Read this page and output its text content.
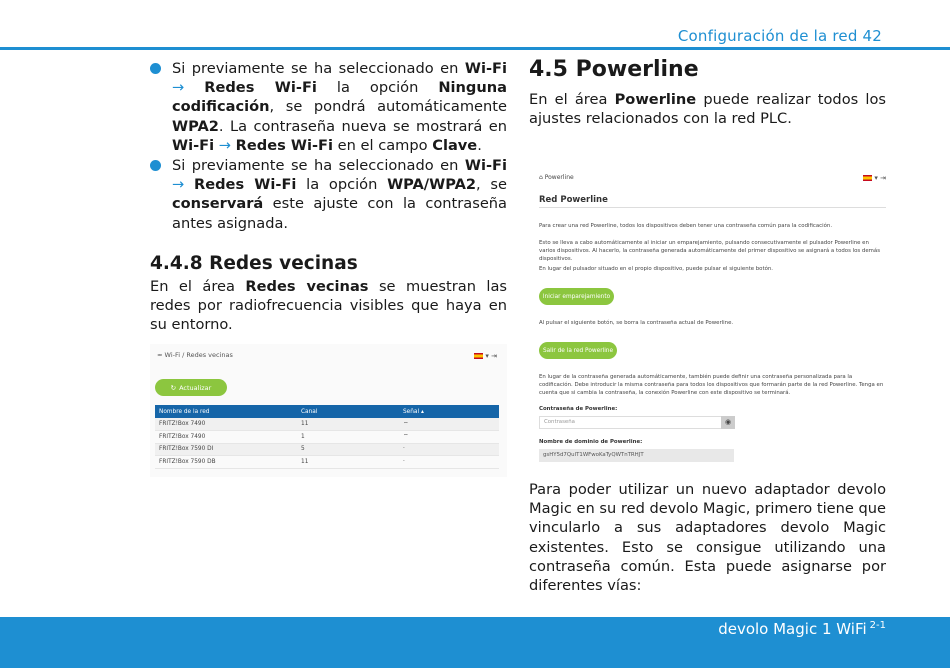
Configuración de la red 42
Si previamente se ha seleccionado en Wi-Fi → Redes Wi-Fi la opción Ninguna codificación, se pondrá automáticamente WPA2. La contraseña nueva se mostrará en Wi-Fi → Redes Wi-Fi en el campo Clave.
Si previamente se ha seleccionado en Wi-Fi → Redes Wi-Fi la opción WPA/WPA2, se conservará este ajuste con la contraseña antes asignada.
4.4.8 Redes vecinas

En el área Redes vecinas se muestran las redes por radiofrecuencia visibles que haya en su entorno.

≈ Wi-Fi / Redes vecinas	▾ ⇥
↻ Actualizar
Nombre de la red	Canal	Señal ▴
FRITZ!Box 7490	11	⌔
FRITZ!Box 7490	1	⌔
FRITZ!Box 7590 DI	5	·
FRITZ!Box 7590 DB	11	·
4.5 Powerline

En el área Powerline puede realizar todos los ajustes relacionados con la red PLC.

⌂ Powerline	▾ ⇥
Red Powerline
Para crear una red Powerline, todos los dispositivos deben tener una contraseña común para la codificación.
Esto se lleva a cabo automáticamente al iniciar un emparejamiento, pulsando consecutivamente el pulsador Powerline en varios dispositivos. Al hacerlo, la contraseña generada automáticamente del primer dispositivo se asignará a todos los demás dispositivos.
En lugar del pulsador situado en el propio dispositivo, puede pulsar el siguiente botón.
Iniciar emparejamiento
Al pulsar el siguiente botón, se borra la contraseña actual de Powerline.
Salir de la red Powerline
En lugar de la contraseña generada automáticamente, también puede definir una contraseña personalizada para la codificación. Debe introducir la misma contraseña para todos los dispositivos que formarán parte de la red Powerline. Tenga en cuenta que si cambia la contraseña, la conexión Powerline con este dispositivo se terminará.
Contraseña de Powerline:
Contraseña	◉
Nombre de dominio de Powerline:
gsHY5d7QuIT1WFwoKaTyQWTnTRHJT

Para poder utilizar un nuevo adaptador devolo Magic en su red devolo Magic, primero tiene que vincularlo a sus adaptadores devolo Magic existentes. Esto se consigue utilizando una contraseña común. Esta puede asignarse por diferentes vías:

devolo Magic 1 WiFi $^{2-1}$
